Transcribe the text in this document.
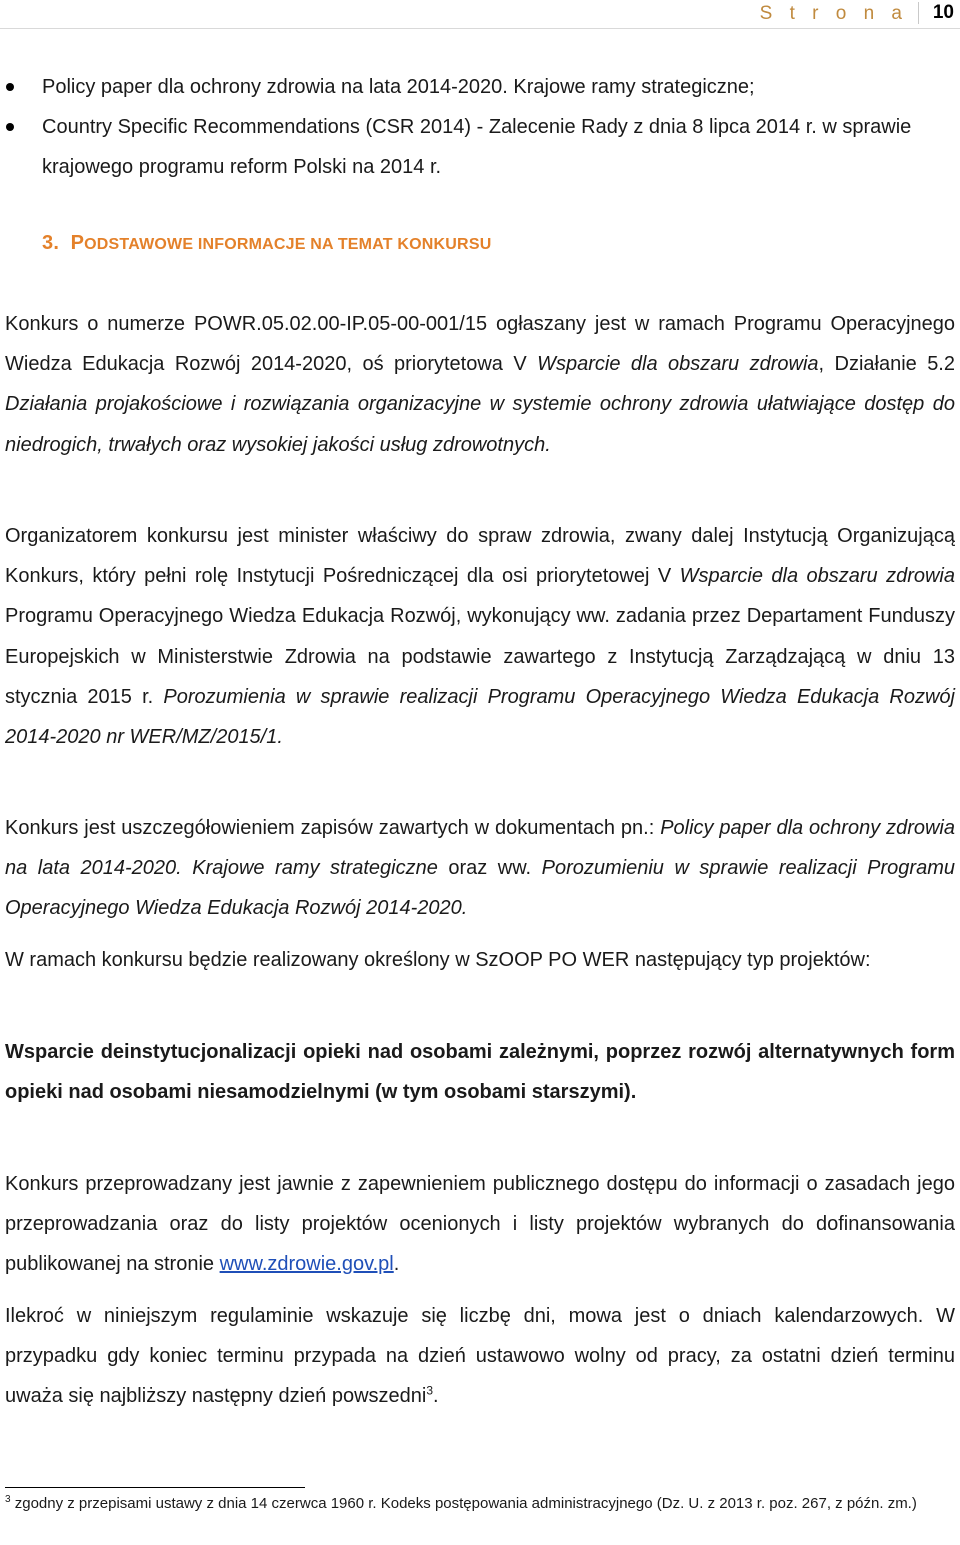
S t r o n a 10
Policy paper dla ochrony zdrowia na lata 2014-2020. Krajowe ramy strategiczne;
Country Specific Recommendations (CSR 2014) - Zalecenie Rady z dnia 8 lipca 2014 r. w sprawie krajowego programu reform Polski na 2014 r.
3. PODSTAWOWE INFORMACJE NA TEMAT KONKURSU

Konkurs o numerze POWR.05.02.00-IP.05-00-001/15 ogłaszany jest w ramach Programu Operacyjnego Wiedza Edukacja Rozwój 2014-2020, oś priorytetowa V Wsparcie dla obszaru zdrowia, Działanie 5.2 Działania projakościowe i rozwiązania organizacyjne w systemie ochrony zdrowia ułatwiające dostęp do niedrogich, trwałych oraz wysokiej jakości usług zdrowotnych.

Organizatorem konkursu jest minister właściwy do spraw zdrowia, zwany dalej Instytucją Organizującą Konkurs, który pełni rolę Instytucji Pośredniczącej dla osi priorytetowej V Wsparcie dla obszaru zdrowia Programu Operacyjnego Wiedza Edukacja Rozwój, wykonujący ww. zadania przez Departament Funduszy Europejskich w Ministerstwie Zdrowia na podstawie zawartego z Instytucją Zarządzającą w dniu 13 stycznia 2015 r. Porozumienia w sprawie realizacji Programu Operacyjnego Wiedza Edukacja Rozwój 2014-2020 nr WER/MZ/2015/1.

Konkurs jest uszczegółowieniem zapisów zawartych w dokumentach pn.: Policy paper dla ochrony zdrowia na lata 2014-2020. Krajowe ramy strategiczne oraz ww. Porozumieniu w sprawie realizacji Programu Operacyjnego Wiedza Edukacja Rozwój 2014-2020.

W ramach konkursu będzie realizowany określony w SzOOP PO WER następujący typ projektów:

Wsparcie deinstytucjonalizacji opieki nad osobami zależnymi, poprzez rozwój alternatywnych form opieki nad osobami niesamodzielnymi (w tym osobami starszymi).

Konkurs przeprowadzany jest jawnie z zapewnieniem publicznego dostępu do informacji o zasadach jego przeprowadzania oraz do listy projektów ocenionych i listy projektów wybranych do dofinansowania publikowanej na stronie www.zdrowie.gov.pl.

Ilekroć w niniejszym regulaminie wskazuje się liczbę dni, mowa jest o dniach kalendarzowych. W przypadku gdy koniec terminu przypada na dzień ustawowo wolny od pracy, za ostatni dzień terminu uważa się najbliższy następny dzień powszedni$^3$.

$^3$ zgodny z przepisami ustawy z dnia 14 czerwca 1960 r. Kodeks postępowania administracyjnego (Dz. U. z 2013 r. poz. 267, z późn. zm.)
